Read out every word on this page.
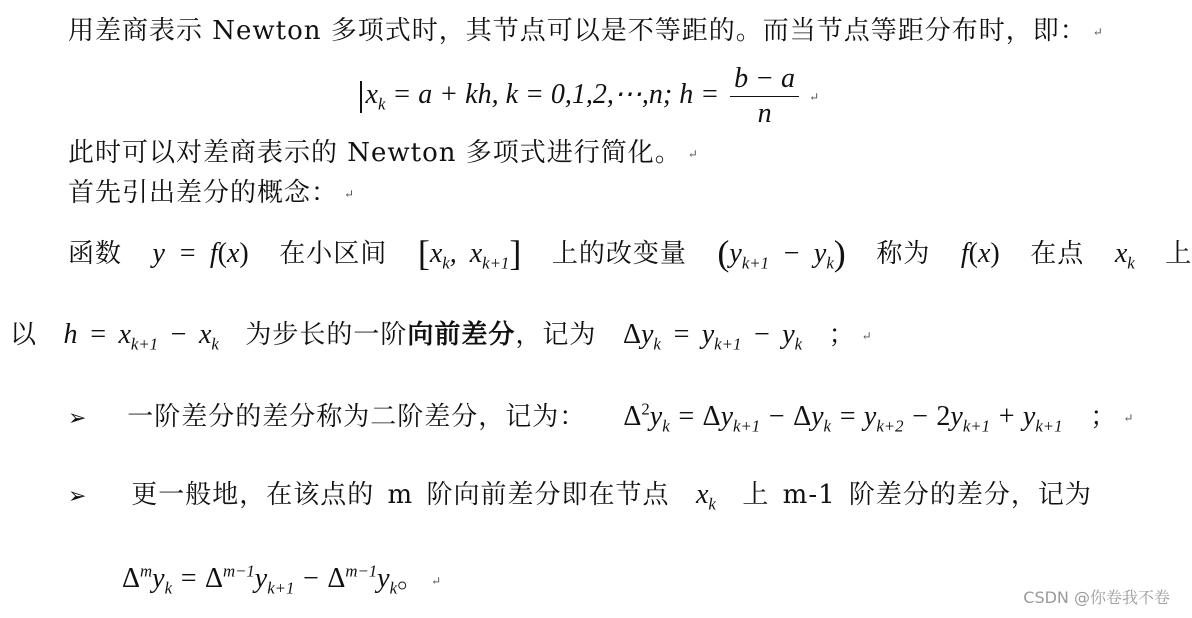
用差商表示 Newton 多项式时，其节点可以是不等距的。而当节点等距分布时，即： ↵
$x_k = a$ + kh, k = 0,1,2,⋯,n; $h = \frac{b - a}{n}$ ↵
此时可以对差商表示的 Newton 多项式进行简化。 ↵
首先引出差分的概念： ↵
函数 y = f(x) 在小区间 [$x_k$, $x_{k+1}$] 上的改变量 $(y_{k+1} - y_k)$ 称为 f(x) 在点 $x_k$ 上
以 $h = x_{k+1} - x_k$ 为步长的一阶向前差分，记为 $\Delta y_k = y_{k+1} - y_k$ ； ↵
➢ 一阶差分的差分称为二阶差分，记为： $\Delta^2y_k = \Delta y_{k+1} - \Delta y_k = y_{k+2} - 2y_{k+1} + y_{k+1}$ ； ↵
➢ 更一般地，在该点的 m 阶向前差分即在节点 $x_k$ 上 m-1 阶差分的差分，记为
$\Delta^my_k = \Delta^{m-1}y_{k+1} - \Delta^{m-1}y_k$。 ↵
CSDN @你卷我不卷
